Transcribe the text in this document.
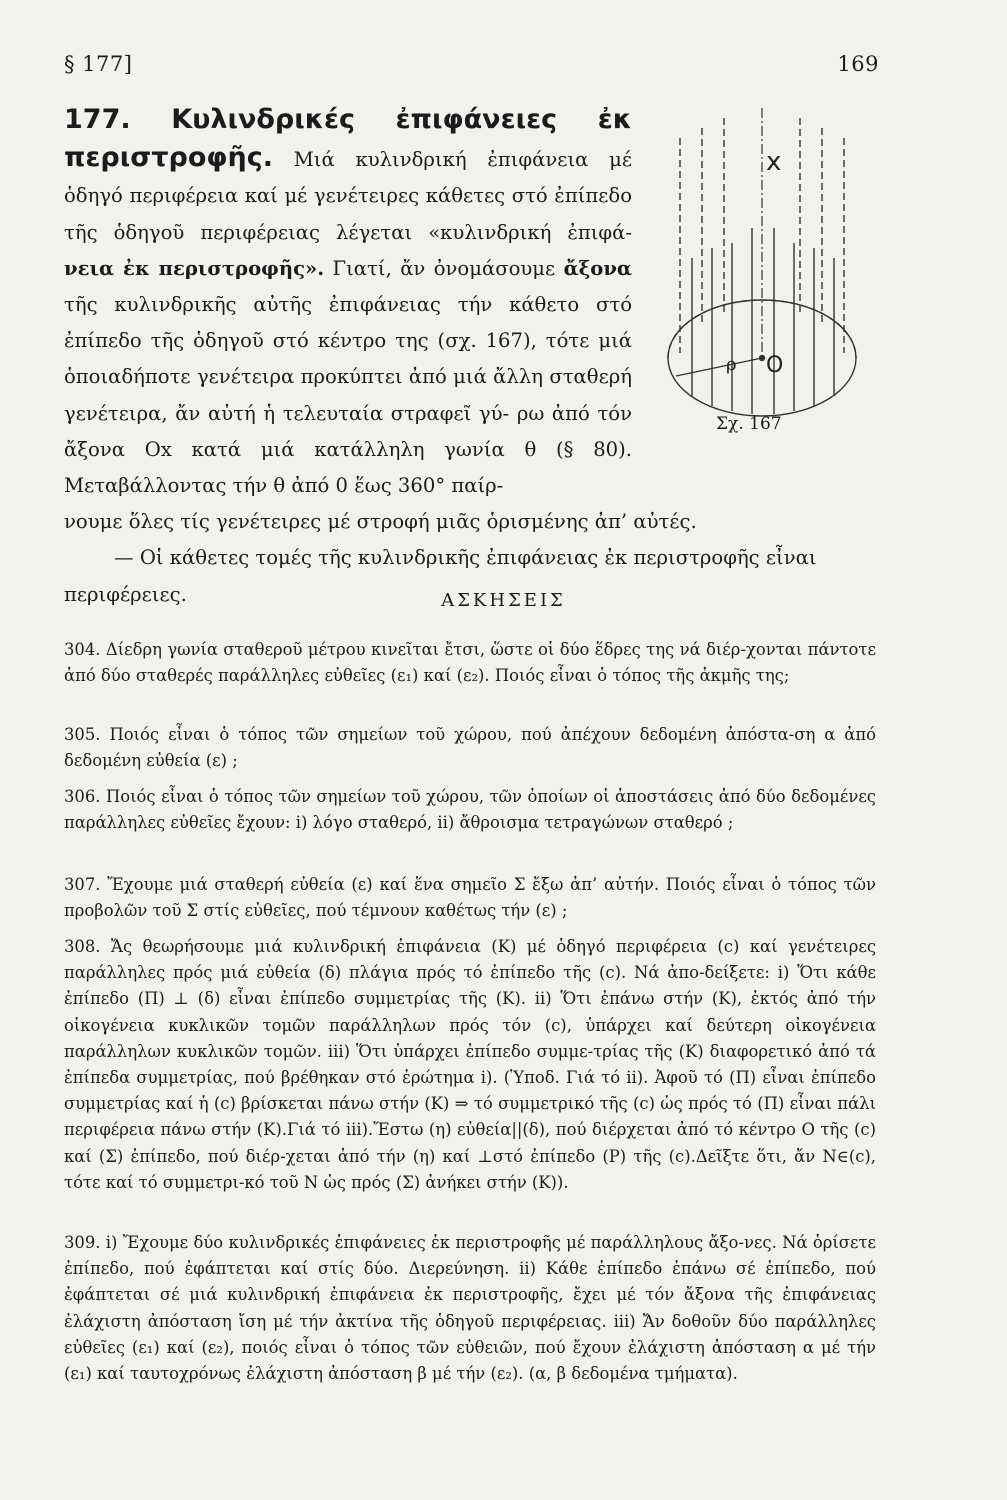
§ 177]	169

177. Κυλινδρικές ἐπιφάνειες ἐκ περιστροφῆς. Μιά κυλινδρική ἐπιφάνεια μέ ὁδηγό περιφέρεια καί μέ γενέτειρες κάθετες στό ἐπίπεδο τῆς ὁδηγοῦ περιφέρειας λέγεται «κυλινδρική ἐπιφά- νεια ἐκ περιστροφῆς». Γιατί, ἄν ὀνομάσουμε ἄξονα τῆς κυλινδρικῆς αὐτῆς ἐπιφάνειας τήν κάθετο στό ἐπίπεδο τῆς ὁδηγοῦ στό κέντρο της (σχ. 167), τότε μιά ὁποιαδήποτε γενέτειρα προκύπτει ἀπό μιά ἄλλη σταθερή γενέτειρα, ἄν αὐτή ἡ τελευταία στραφεῖ γύ- ρω ἀπό τόν ἄξονα Ox κατά μιά κατάλληλη γωνία θ (§ 80). Μεταβάλλοντας τήν θ ἀπό 0 ἕως 360° παίρ-

νουμε ὅλες τίς γενέτειρες μέ στροφή μιᾶς ὁρισμένης ἀπ’ αὐτές.

— Οἱ κάθετες τομές τῆς κυλινδρικῆς ἐπιφάνειας ἐκ περιστροφῆς εἶναι

περιφέρειες.

x
ρ O
Σχ. 167
ΑΣΚΗΣΕΙΣ

304. Δίεδρη γωνία σταθεροῦ μέτρου κινεῖται ἔτσι, ὥστε οἱ δύο ἕδρες της νά διέρ-χονται πάντοτε ἀπό δύο σταθερές παράλληλες εὐθεῖες (ε₁) καί (ε₂). Ποιός εἶναι ὁ τόπος τῆς ἀκμῆς της;

305. Ποιός εἶναι ὁ τόπος τῶν σημείων τοῦ χώρου, πού ἀπέχουν δεδομένη ἀπόστα-ση α ἀπό δεδομένη εὐθεία (ε) ;

306. Ποιός εἶναι ὁ τόπος τῶν σημείων τοῦ χώρου, τῶν ὁποίων οἱ ἀποστάσεις ἀπό δύο δεδομένες παράλληλες εὐθεῖες ἔχουν: i) λόγο σταθερό, ii) ἄθροισμα τετραγώνων σταθερό ;

307. Ἔχουμε μιά σταθερή εὐθεία (ε) καί ἕνα σημεῖο Σ ἔξω ἀπ’ αὐτήν. Ποιός εἶναι ὁ τόπος τῶν προβολῶν τοῦ Σ στίς εὐθεῖες, πού τέμνουν καθέτως τήν (ε) ;

308. Ἄς θεωρήσουμε μιά κυλινδρική ἐπιφάνεια (Κ) μέ ὁδηγό περιφέρεια (c) καί γενέτειρες παράλληλες πρός μιά εὐθεία (δ) πλάγια πρός τό ἐπίπεδο τῆς (c). Νά ἀπο-δείξετε: i) Ὅτι κάθε ἐπίπεδο (Π) ⊥ (δ) εἶναι ἐπίπεδο συμμετρίας τῆς (Κ). ii) Ὅτι ἐπάνω στήν (Κ), ἐκτός ἀπό τήν οἰκογένεια κυκλικῶν τομῶν παράλληλων πρός τόν (c), ὑπάρχει καί δεύτερη οἰκογένεια παράλληλων κυκλικῶν τομῶν. iii) Ὅτι ὑπάρχει ἐπίπεδο συμμε-τρίας τῆς (Κ) διαφορετικό ἀπό τά ἐπίπεδα συμμετρίας, πού βρέθηκαν στό ἐρώτημα i). (Ὑποδ. Γιά τό ii). Ἀφοῦ τό (Π) εἶναι ἐπίπεδο συμμετρίας καί ἡ (c) βρίσκεται πάνω στήν (Κ) ⇒ τό συμμετρικό τῆς (c) ὡς πρός τό (Π) εἶναι πάλι περιφέρεια πάνω στήν (Κ).Γιά τό iii).Ἔστω (η) εὐθεία||(δ), πού διέρχεται ἀπό τό κέντρο Ο τῆς (c) καί (Σ) ἐπίπεδο, πού διέρ-χεται ἀπό τήν (η) καί ⊥στό ἐπίπεδο (Ρ) τῆς (c).Δεῖξτε ὅτι, ἄν Ν∈(c), τότε καί τό συμμετρι-κό τοῦ Ν ὡς πρός (Σ) ἀνήκει στήν (Κ)).

309. i) Ἔχουμε δύο κυλινδρικές ἐπιφάνειες ἐκ περιστροφῆς μέ παράλληλους ἄξο-νες. Νά ὁρίσετε ἐπίπεδο, πού ἐφάπτεται καί στίς δύο. Διερεύνηση. ii) Κάθε ἐπίπεδο ἐπάνω σέ ἐπίπεδο, πού ἐφάπτεται σέ μιά κυλινδρική ἐπιφάνεια ἐκ περιστροφῆς, ἔχει μέ τόν ἄξονα τῆς ἐπιφάνειας ἐλάχιστη ἀπόσταση ἴση μέ τήν ἀκτίνα τῆς ὁδηγοῦ περιφέρειας. iii) Ἄν δοθοῦν δύο παράλληλες εὐθεῖες (ε₁) καί (ε₂), ποιός εἶναι ὁ τόπος τῶν εὐθειῶν, πού ἔχουν ἐλάχιστη ἀπόσταση α μέ τήν (ε₁) καί ταυτοχρόνως ἐλάχιστη ἀπόσταση β μέ τήν (ε₂). (α, β δεδομένα τμήματα).
